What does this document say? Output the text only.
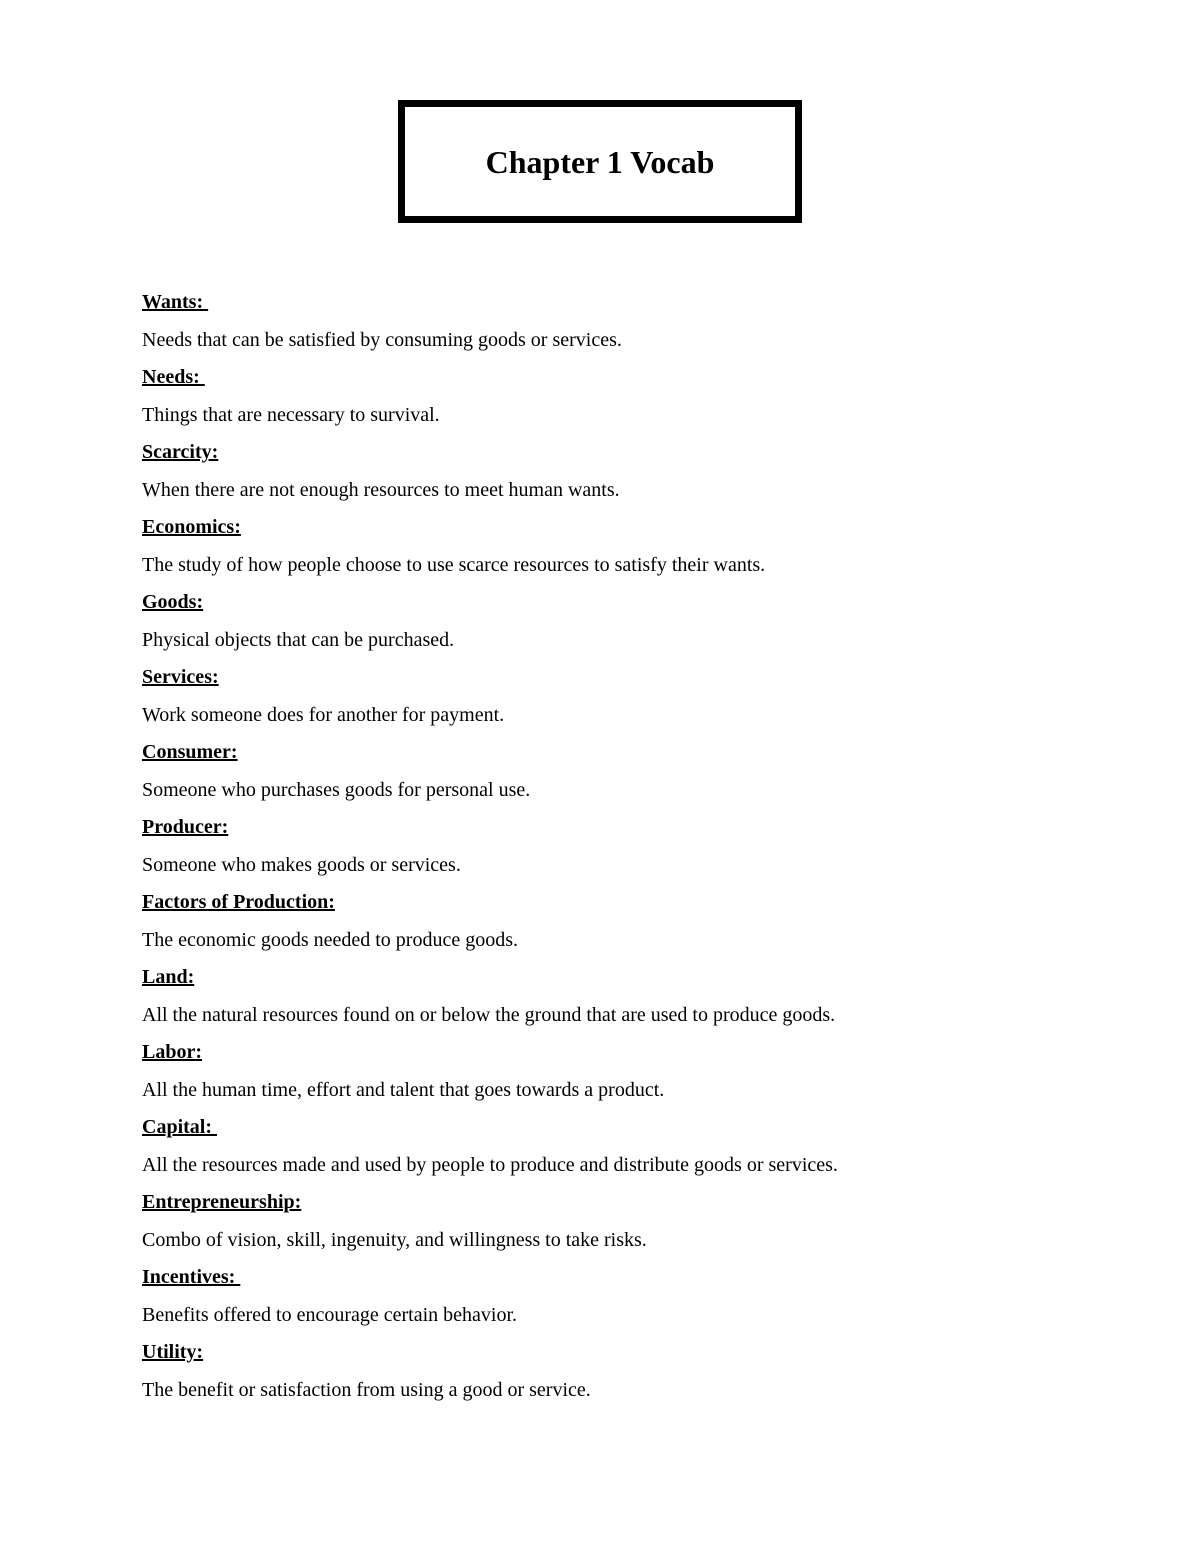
Chapter 1 Vocab
Wants:
Needs that can be satisfied by consuming goods or services.
Needs:
Things that are necessary to survival.
Scarcity:
When there are not enough resources to meet human wants.
Economics:
The study of how people choose to use scarce resources to satisfy their wants.
Goods:
Physical objects that can be purchased.
Services:
Work someone does for another for payment.
Consumer:
Someone who purchases goods for personal use.
Producer:
Someone who makes goods or services.
Factors of Production:
The economic goods needed to produce goods.
Land:
All the natural resources found on or below the ground that are used to produce goods.
Labor:
All the human time, effort and talent that goes towards a product.
Capital:
All the resources made and used by people to produce and distribute goods or services.
Entrepreneurship:
Combo of vision, skill, ingenuity, and willingness to take risks.
Incentives:
Benefits offered to encourage certain behavior.
Utility:
The benefit or satisfaction from using a good or service.
